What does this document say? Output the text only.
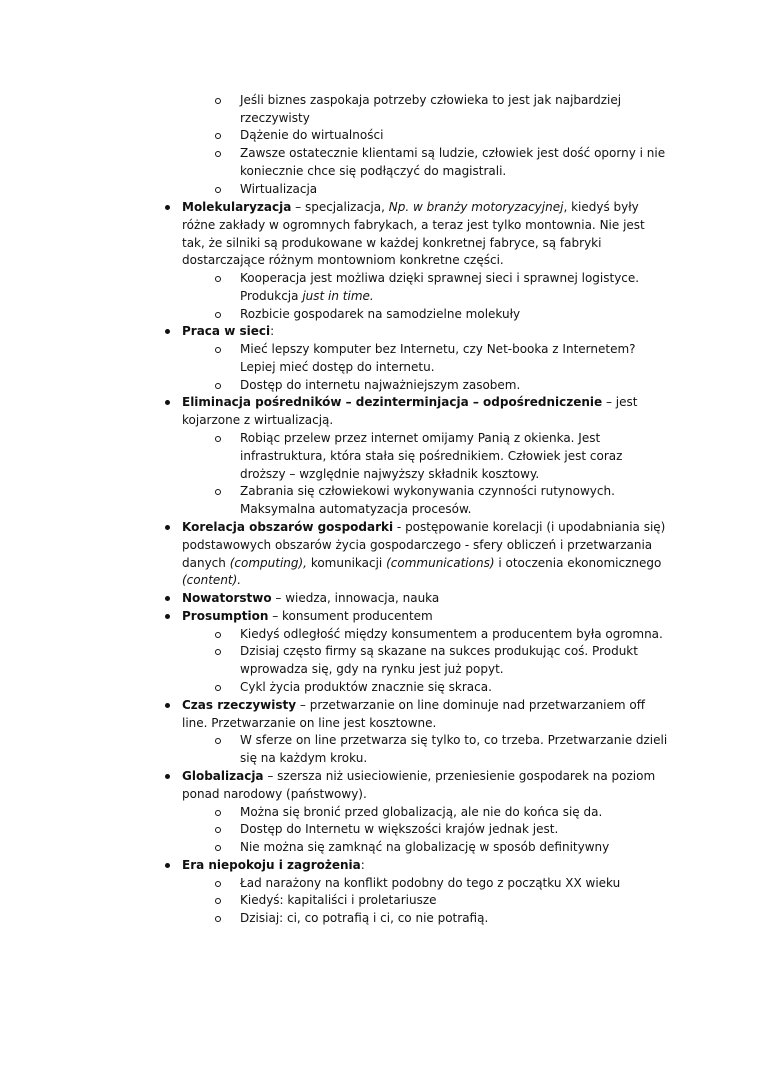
Jeśli biznes zaspokaja potrzeby człowieka to jest jak najbardziej rzeczywisty
Dążenie do wirtualności
Zawsze ostatecznie klientami są ludzie, człowiek jest dość oporny i nie koniecznie chce się podłączyć do magistrali.
Wirtualizacja
Molekularyzacja – specjalizacja, Np. w branży motoryzacyjnej, kiedyś były różne zakłady w ogromnych fabrykach, a teraz jest tylko montownia. Nie jest tak, że silniki są produkowane w każdej konkretnej fabryce, są fabryki dostarczające różnym montowniom konkretne części.
Kooperacja jest możliwa dzięki sprawnej sieci i sprawnej logistyce. Produkcja just in time.
Rozbicie gospodarek na samodzielne molekuły
Praca w sieci:
Mieć lepszy komputer bez Internetu, czy Net-booka z Internetem? Lepiej mieć dostęp do internetu.
Dostęp do internetu najważniejszym zasobem.
Eliminacja pośredników – dezinterminjacja – odpośredniczenie – jest kojarzone z wirtualizacją.
Robiąc przelew przez internet omijamy Panią z okienka. Jest infrastruktura, która stała się pośrednikiem. Człowiek jest coraz droższy – względnie najwyższy składnik kosztowy.
Zabrania się człowiekowi wykonywania czynności rutynowych. Maksymalna automatyzacja procesów.
Korelacja obszarów gospodarki - postępowanie korelacji (i upodabniania się) podstawowych obszarów życia gospodarczego - sfery obliczeń i przetwarzania danych (computing), komunikacji (communications) i otoczenia ekonomicznego (content).
Nowatorstwo – wiedza, innowacja, nauka
Prosumption – konsument producentem
Kiedyś odległość między konsumentem a producentem była ogromna.
Dzisiaj często firmy są skazane na sukces produkując coś. Produkt wprowadza się, gdy na rynku jest już popyt.
Cykl życia produktów znacznie się skraca.
Czas rzeczywisty – przetwarzanie on line dominuje nad przetwarzaniem off line. Przetwarzanie on line jest kosztowne.
W sferze on line przetwarza się tylko to, co trzeba. Przetwarzanie dzieli się na każdym kroku.
Globalizacja – szersza niż usieciowienie, przeniesienie gospodarek na poziom ponad narodowy (państwowy).
Można się bronić przed globalizacją, ale nie do końca się da.
Dostęp do Internetu w większości krajów jednak jest.
Nie można się zamknąć na globalizację w sposób definitywny
Era niepokoju i zagrożenia:
Ład narażony na konflikt podobny do tego z początku XX wieku
Kiedyś: kapitaliści i proletariusze
Dzisiaj: ci, co potrafią i ci, co nie potrafią.
